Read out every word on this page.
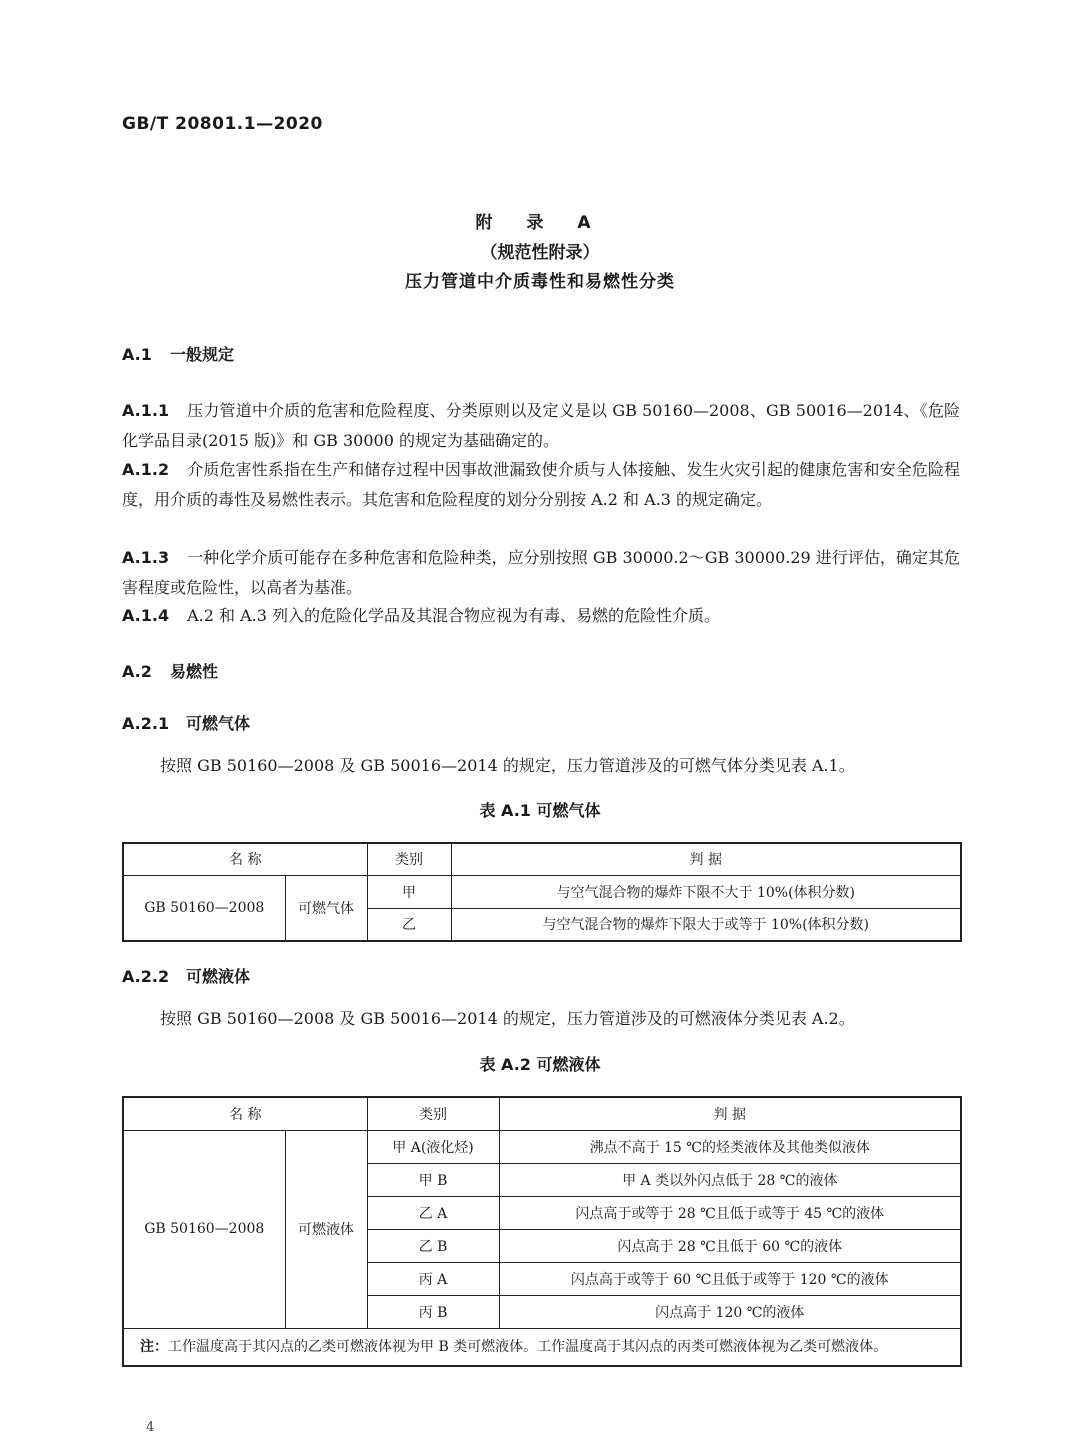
GB/T 20801.1—2020
附 录 A
（规范性附录）
压力管道中介质毒性和易燃性分类
A.1 一般规定
A.1.1 压力管道中介质的危害和危险程度、分类原则以及定义是以 GB 50160—2008、GB 50016—2014、《危险化学品目录(2015 版)》和 GB 30000 的规定为基础确定的。
A.1.2 介质危害性系指在生产和储存过程中因事故泄漏致使介质与人体接触、发生火灾引起的健康危害和安全危险程度，用介质的毒性及易燃性表示。其危害和危险程度的划分分别按 A.2 和 A.3 的规定确定。
A.1.3 一种化学介质可能存在多种危害和危险种类，应分别按照 GB 30000.2～GB 30000.29 进行评估，确定其危害程度或危险性，以高者为基准。
A.1.4 A.2 和 A.3 列入的危险化学品及其混合物应视为有毒、易燃的危险性介质。
A.2 易燃性
A.2.1 可燃气体
按照 GB 50160—2008 及 GB 50016—2014 的规定，压力管道涉及的可燃气体分类见表 A.1。
表 A.1 可燃气体
名 称		类别	判 据
GB 50160—2008	可燃气体	甲	与空气混合物的爆炸下限不大于 10%(体积分数)
		乙	与空气混合物的爆炸下限大于或等于 10%(体积分数)
A.2.2 可燃液体
按照 GB 50160—2008 及 GB 50016—2014 的规定，压力管道涉及的可燃液体分类见表 A.2。
表 A.2 可燃液体
名 称		类别	判 据
GB 50160—2008	可燃液体	甲 A(液化烃)	沸点不高于 15 ℃的烃类液体及其他类似液体
		甲 B	甲 A 类以外闪点低于 28 ℃的液体
		乙 A	闪点高于或等于 28 ℃且低于或等于 45 ℃的液体
		乙 B	闪点高于 28 ℃且低于 60 ℃的液体
		丙 A	闪点高于或等于 60 ℃且低于或等于 120 ℃的液体
		丙 B	闪点高于 120 ℃的液体
注：工作温度高于其闪点的乙类可燃液体视为甲 B 类可燃液体。工作温度高于其闪点的丙类可燃液体视为乙类可燃液体。			
4
